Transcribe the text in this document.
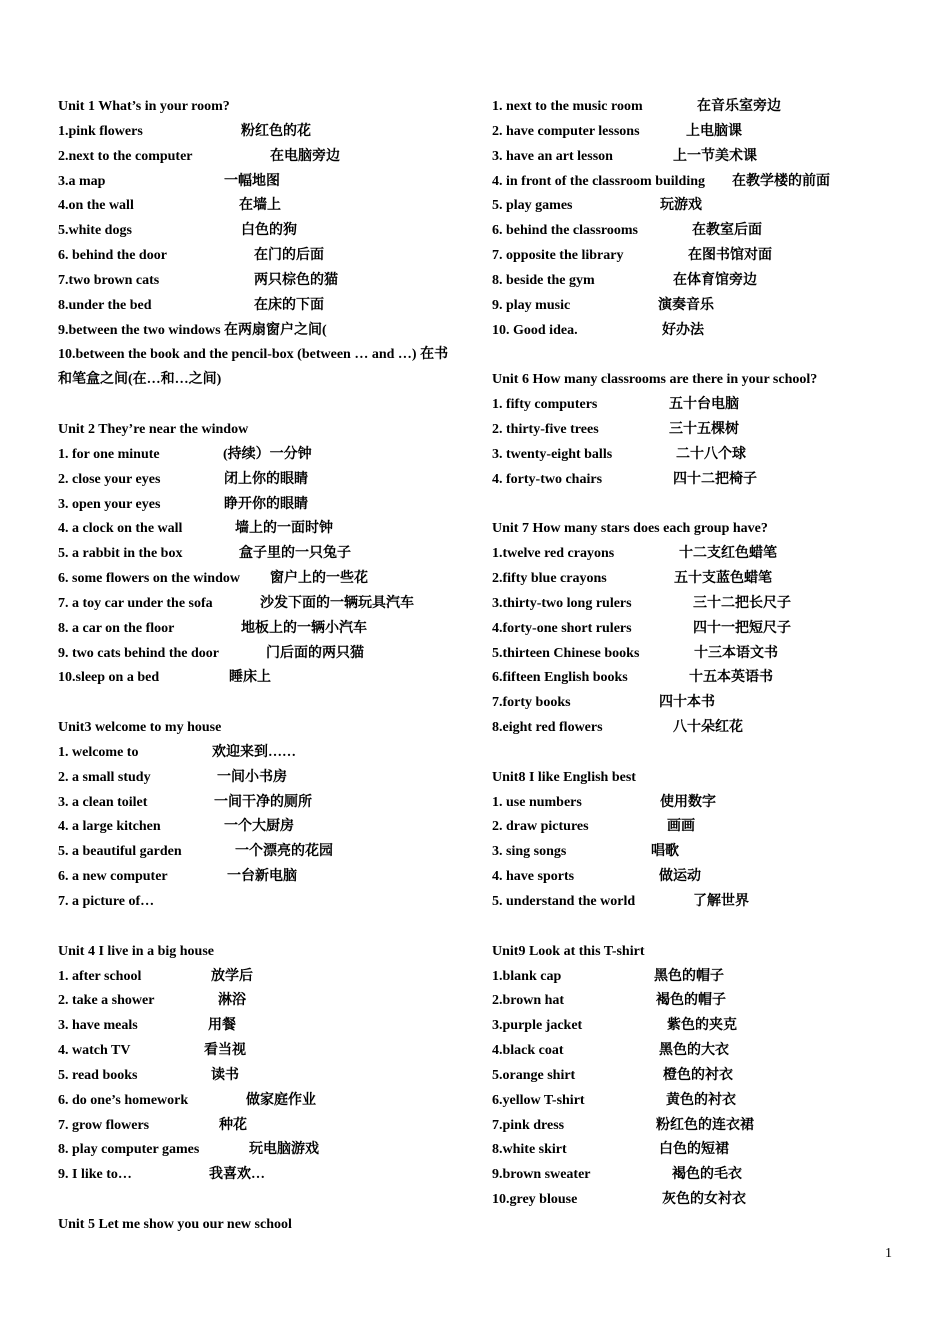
Unit 1 What’s in your room?
1.pink flowers	粉红色的花
2.next to the computer	在电脑旁边
3.a map	一幅地图
4.on the wall	在墙上
5.white dogs	白色的狗
6. behind the door	在门的后面
7.two brown cats	两只棕色的猫
8.under the bed	在床的下面
9.between the two windows 在两扇窗户之间(
10.between the book and the pencil-box (between … and …) 在书
和笔盒之间(在…和…之间)
Unit 2 They’re near the window
1. for one minute	(持续）一分钟
2. close your eyes	闭上你的眼睛
3. open your eyes	睁开你的眼睛
4. a clock on the wall	墙上的一面时钟
5. a rabbit in the box	盒子里的一只兔子
6. some flowers on the window 窗户上的一些花
7. a toy car under the sofa	沙发下面的一辆玩具汽车
8. a car on the floor	地板上的一辆小汽车
9. two cats behind the door	门后面的两只猫
10.sleep on a bed	睡床上
Unit3 welcome to my house
1. welcome to	欢迎来到……
2. a small study	一间小书房
3. a clean toilet	一间干净的厕所
4. a large kitchen	一个大厨房
5. a beautiful garden	一个漂亮的花园
6. a new computer	一台新电脑
7. a picture of…
Unit 4 I live in a big house
1. after school	放学后
2. take a shower	淋浴
3. have meals	用餐
4. watch TV	看当视
5. read books	读书
6. do one’s homework	做家庭作业
7. grow flowers	种花
8. play computer games	玩电脑游戏
9. I like to…	我喜欢…
Unit 5 Let me show you our new school
1. next to the music room	在音乐室旁边
2. have computer lessons	上电脑课
3. have an art lesson	上一节美术课
4. in front of the classroom building 在教学楼的前面
5. play games	玩游戏
6. behind the classrooms	在教室后面
7. opposite the library	在图书馆对面
8. beside the gym	在体育馆旁边
9. play music	演奏音乐
10. Good idea.	好办法
Unit 6 How many classrooms are there in your school?
1. fifty computers	五十台电脑
2. thirty-five trees	三十五棵树
3. twenty-eight balls	二十八个球
4. forty-two chairs	四十二把椅子
Unit 7 How many stars does each group have?
1.twelve red crayons	十二支红色蜡笔
2.fifty blue crayons	五十支蓝色蜡笔
3.thirty-two long rulers	三十二把长尺子
4.forty-one short rulers	四十一把短尺子
5.thirteen Chinese books	十三本语文书
6.fifteen English books	十五本英语书
7.forty books	四十本书
8.eight red flowers	八十朵红花
Unit8 I like English best
1. use numbers	使用数字
2. draw pictures	画画
3. sing songs	唱歌
4. have sports	做运动
5. understand the world	了解世界
Unit9 Look at this T-shirt
1.blank cap	黑色的帽子
2.brown hat	褐色的帽子
3.purple jacket	紫色的夹克
4.black coat	黑色的大衣
5.orange shirt	橙色的衬衣
6.yellow T-shirt	黄色的衬衣
7.pink dress	粉红色的连衣裙
8.white skirt	白色的短裙
9.brown sweater	褐色的毛衣
10.grey blouse	灰色的女衬衣
1
